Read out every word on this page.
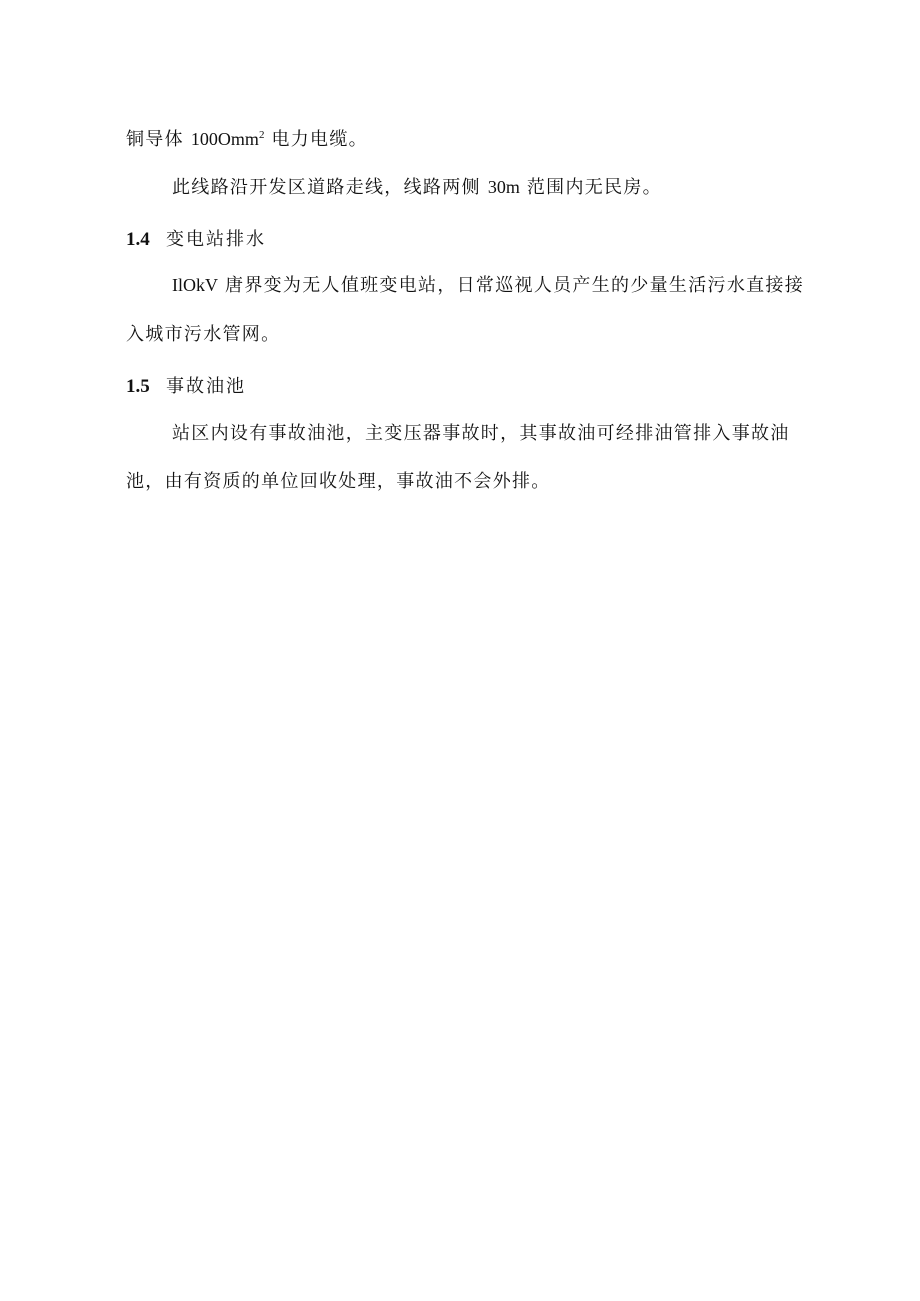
铜导体 100Omm$^2$ 电力电缆。
此线路沿开发区道路走线，线路两侧 30m 范围内无民房。
1.4 变电站排水
IlOkV 唐界变为无人值班变电站，日常巡视人员产生的少量生活污水直接接
入城市污水管网。
1.5 事故油池
站区内设有事故油池，主变压器事故时，其事故油可经排油管排入事故油
池，由有资质的单位回收处理，事故油不会外排。
